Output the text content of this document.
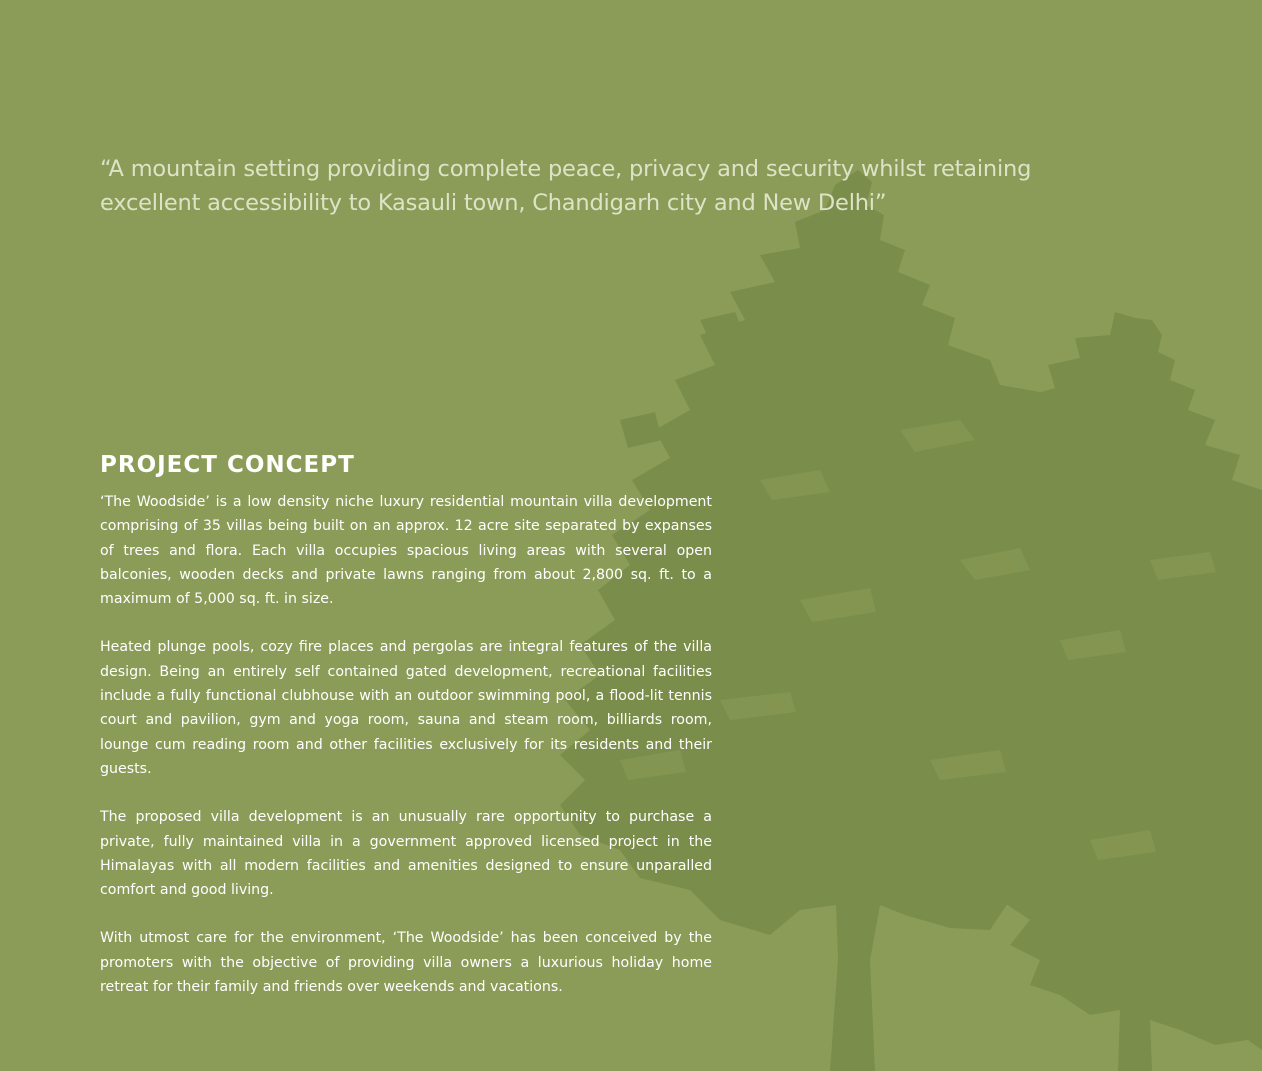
“A mountain setting providing complete peace, privacy and security whilst retaining excellent accessibility to Kasauli town, Chandigarh city and New Delhi”

PROJECT CONCEPT

‘The Woodside’ is a low density niche luxury residential mountain villa development comprising of 35 villas being built on an approx. 12 acre site separated by expanses of trees and flora. Each villa occupies spacious living areas with several open balconies, wooden decks and private lawns ranging from about 2,800 sq. ft. to a maximum of 5,000 sq. ft. in size.

Heated plunge pools, cozy fire places and pergolas are integral features of the villa design. Being an entirely self contained gated development, recreational facilities include a fully functional clubhouse with an outdoor swimming pool, a flood-lit tennis court and pavilion, gym and yoga room, sauna and steam room, billiards room, lounge cum reading room and other facilities exclusively for its residents and their guests.

The proposed villa development is an unusually rare opportunity to purchase a private, fully maintained villa in a government approved licensed project in the Himalayas with all modern facilities and amenities designed to ensure unparalled comfort and good living.

With utmost care for the environment, ‘The Woodside’ has been conceived by the promoters with the objective of providing villa owners a luxurious holiday home retreat for their family and friends over weekends and vacations.
